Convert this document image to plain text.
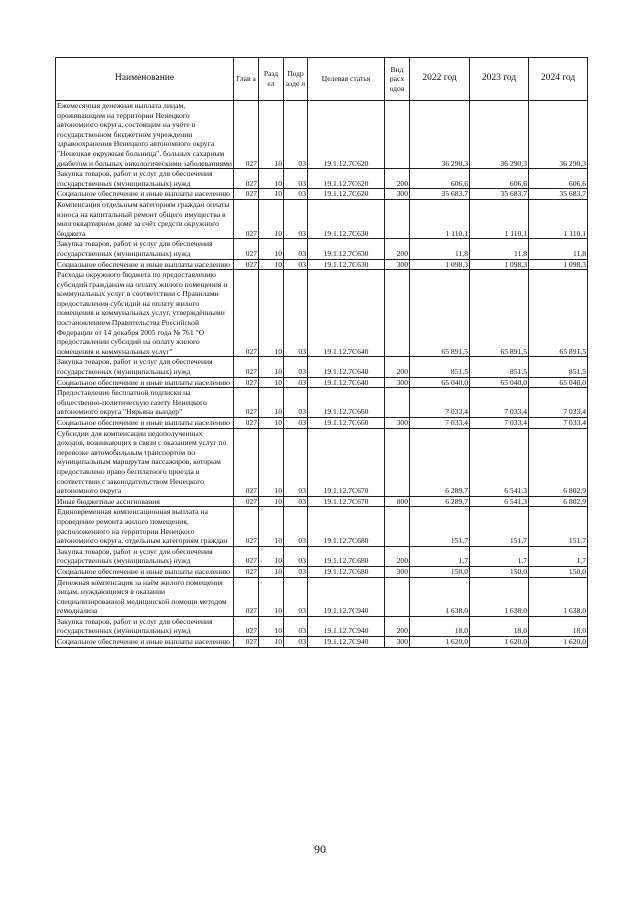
Наименование	Глав а	Разд ел	Подр азде л	Целевая статья	Вид расх одов	2022 год	2023 год	2024 год
Ежемесячная денежная выплата лицам, проживающим на территории Ненецкого автономного округа, состоящим на учёте в государственном бюджетном учреждении здравоохранения Ненецкого автономного округа "Ненецкая окружная больница", больных сахарным диабетом и больных онкологическими заболеваниями	027	10	03	19.1.12.7С620		36 290,3	36 290,3	36 290,3
Закупка товаров, работ и услуг для обеспечения государственных (муниципальных) нужд	027	10	03	19.1.12.7С620	200	606,6	606,6	606,6
Социальное обеспечение и иные выплаты населению	027	10	03	19.1.12.7С620	300	35 683,7	35 683,7	35 683,7
Компенсация отдельным категориям граждан оплаты взноса на капитальный ремонт общего имущества в многоквартирном доме за счёт средств окружного бюджета	027	10	03	19.1.12.7С630		1 110,1	1 110,1	1 110,1
Закупка товаров, работ и услуг для обеспечения государственных (муниципальных) нужд	027	10	03	19.1.12.7С630	200	11,8	11,8	11,8
Социальное обеспечение и иные выплаты населению	027	10	03	19.1.12.7С630	300	1 098,3	1 098,3	1 098,3
Расходы окружного бюджета по предоставлению субсидий гражданам на оплату жилого помещения и коммунальных услуг в соответствии с Правилами предоставления субсидий на оплату жилого помещения и коммунальных услуг, утверждёнными постановлением Правительства Российской Федерации от 14 декабря 2005 года № 761 "О предоставлении субсидий на оплату жилого помещения и коммунальных услуг"	027	10	03	19.1.12.7С640		65 891,5	65 891,5	65 891,5
Закупка товаров, работ и услуг для обеспечения государственных (муниципальных) нужд	027	10	03	19.1.12.7С640	200	851,5	851,5	851,5
Социальное обеспечение и иные выплаты населению	027	10	03	19.1.12.7С640	300	65 040,0	65 040,0	65 040,0
Предоставление бесплатной подписки на общественно-политическую газету Ненецкого автономного округа "Нярьяна вындер"	027	10	03	19.1.12.7С660		7 033,4	7 033,4	7 033,4
Социальное обеспечение и иные выплаты населению	027	10	03	19.1.12.7С660	300	7 033,4	7 033,4	7 033,4
Субсидии для компенсации недополученных доходов, возникающих в связи с оказанием услуг по перевозке автомобильным транспортом по муниципальным маршрутам пассажиров, которым предоставлено право бесплатного проезда в соответствии с законодательством Ненецкого автономного округа	027	10	03	19.1.12.7С670		6 289,7	6 541,3	6 802,9
Иные бюджетные ассигнования	027	10	03	19.1.12.7С670	800	6 289,7	6 541,3	6 802,9
Единовременная компенсационная выплата на проведение ремонта жилого помещения, расположенного на территории Ненецкого автономного округа, отдельным категориям граждан	027	10	03	19.1.12.7С680		151,7	151,7	151,7
Закупка товаров, работ и услуг для обеспечения государственных (муниципальных) нужд	027	10	03	19.1.12.7С680	200	1,7	1,7	1,7
Социальное обеспечение и иные выплаты населению	027	10	03	19.1.12.7С680	300	150,0	150,0	150,0
Денежная компенсация за наём жилого помещения лицам, нуждающимся в оказании специализированной медицинской помощи методом гемодиализа	027	10	03	19.1.12.7С940		1 638,0	1 638,0	1 638,0
Закупка товаров, работ и услуг для обеспечения государственных (муниципальных) нужд	027	10	03	19.1.12.7С940	200	18,0	18,0	18,0
Социальное обеспечение и иные выплаты населению	027	10	03	19.1.12.7С940	300	1 620,0	1 620,0	1 620,0
90
